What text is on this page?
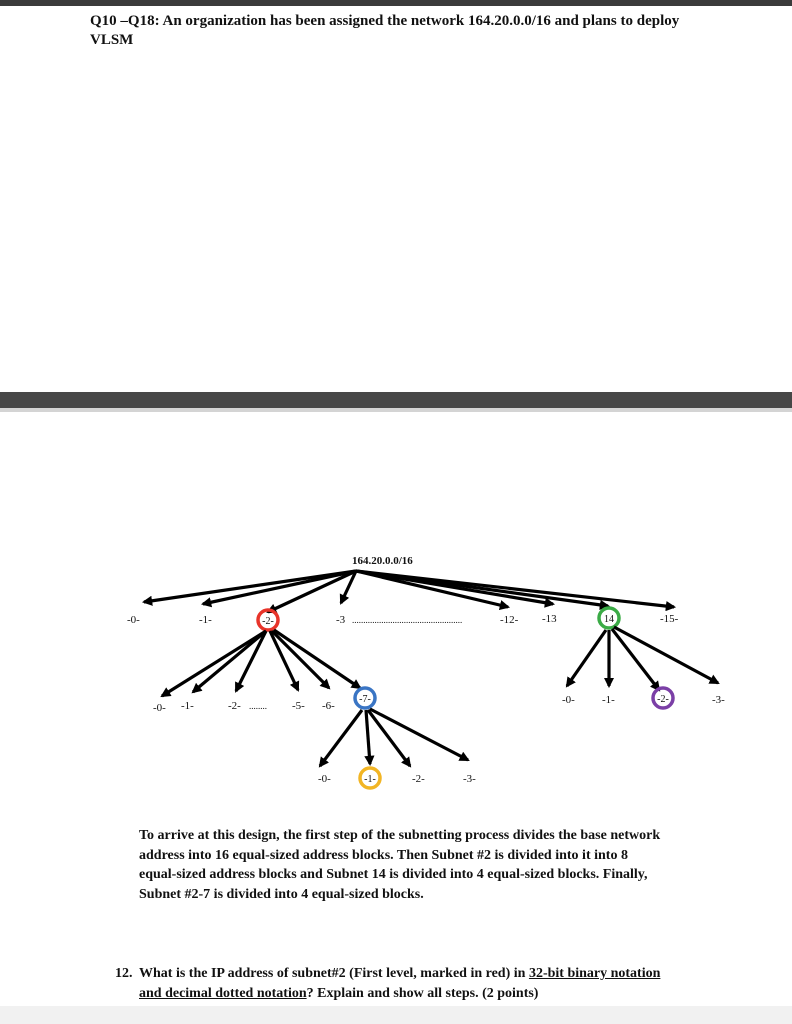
Q10 –Q18: An organization has been assigned the network 164.20.0.0/16 and plans to deploy
VLSM
164.20.0.0/16
-0-	-1-	-3 .................................................	-12- -13	-15-
-2-	14
-0- -1-	-2- ........ -5- -6-
-7-	-0- -1-	-3-
-2-
-0-	-2-	-3-
-1-
To arrive at this design, the first step of the subnetting process divides the base network
address into 16 equal-sized address blocks. Then Subnet #2 is divided into it into 8
equal-sized address blocks and Subnet 14 is divided into 4 equal-sized blocks. Finally,
Subnet #2-7 is divided into 4 equal-sized blocks.
12. What is the IP address of subnet#2 (First level, marked in red) in 32-bit binary notation
and decimal dotted notation? Explain and show all steps. (2 points)
